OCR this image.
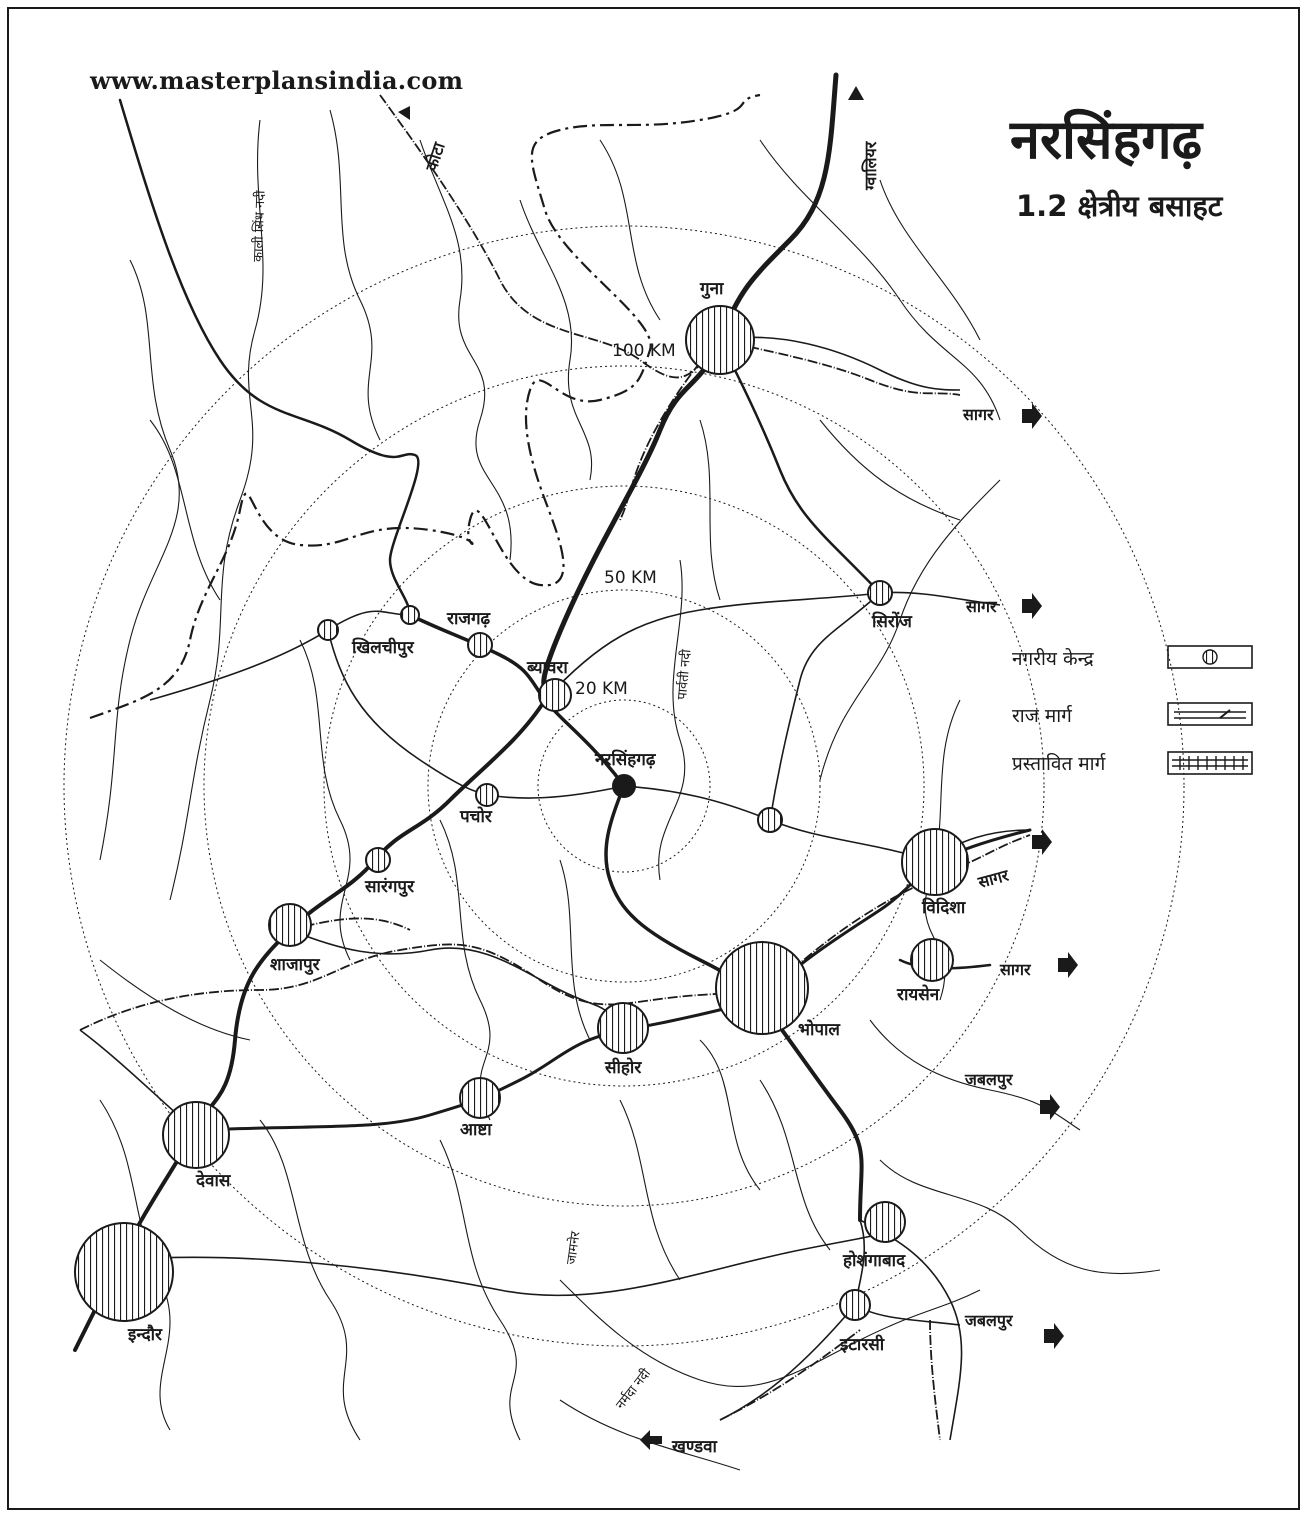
100 KM
50 KM
20 KM
गुना
नरसिंहगढ़
ब्यावरा
राजगढ़
खिलचीपुर
पचोर
सारंगपुर
शाजापुर
सिरोंज
विदिशा
रायसेन
भोपाल
सीहोर
आष्टा
देवास
इन्दौर
होशंगाबाद
इटारसी
खण्डवा
ग्वालियर
कोटा
सागर
सागर
सागर
सागर
जबलपुर
जबलपुर
काली सिंध नदी
पार्वती नदी
नर्मदा नदी
जामनेर
www.masterplansindia.com
नरसिंहगढ़
1.2 क्षेत्रीय बसाहट
नगरीय केन्द्र
राज मार्ग
प्रस्तावित मार्ग
